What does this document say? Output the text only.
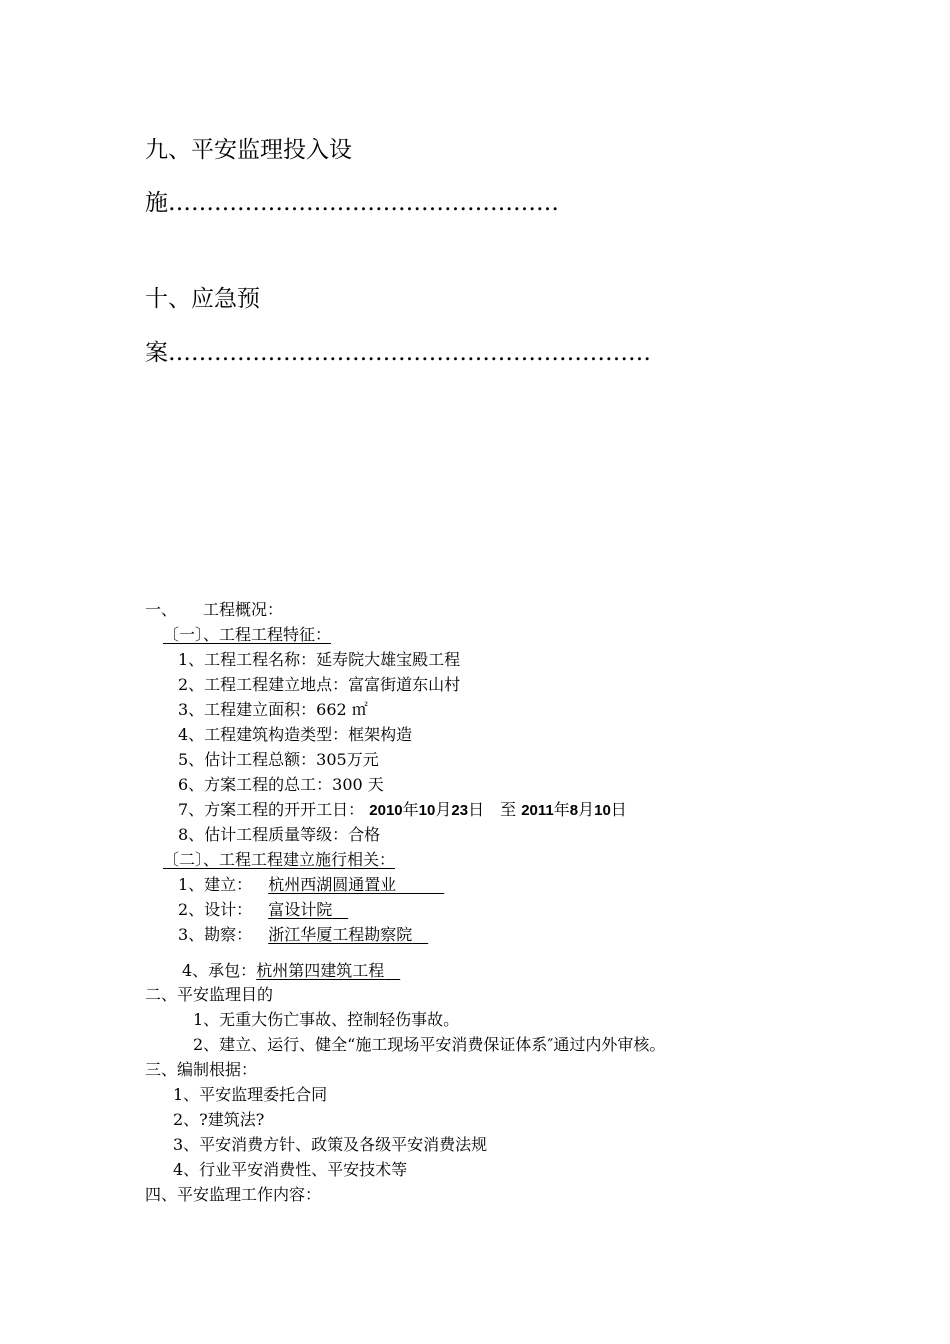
九、平安监理投入设
施……………………………………………
十、应急预
案………………………………………………………
一、 工程概况：
〔一〕、工程工程特征：
1、工程工程名称：延寿院大雄宝殿工程
2、工程工程建立地点：富富街道东山村
3、工程建立面积：662 ㎡
4、工程建筑构造类型：框架构造
5、估计工程总额：305万元
6、方案工程的总工：300 天
7、方案工程的开开工日： 2010年10月23日 至 2011年8月10日
8、估计工程质量等级：合格
〔二〕、工程工程建立施行相关：
1、建立： 杭州西湖圆通置业   
2、设计： 富设计院  
3、勘察： 浙江华厦工程勘察院  
4、承包：杭州第四建筑工程  
二、平安监理目的
1、无重大伤亡事故、控制轻伤事故。
2、建立、运行、健全“施工现场平安消费保证体系″通过内外审核。
三、编制根据：
1、平安监理委托合同
2、?建筑法?
3、平安消费方针、政策及各级平安消费法规
4、行业平安消费性、平安技术等
四、平安监理工作内容：
